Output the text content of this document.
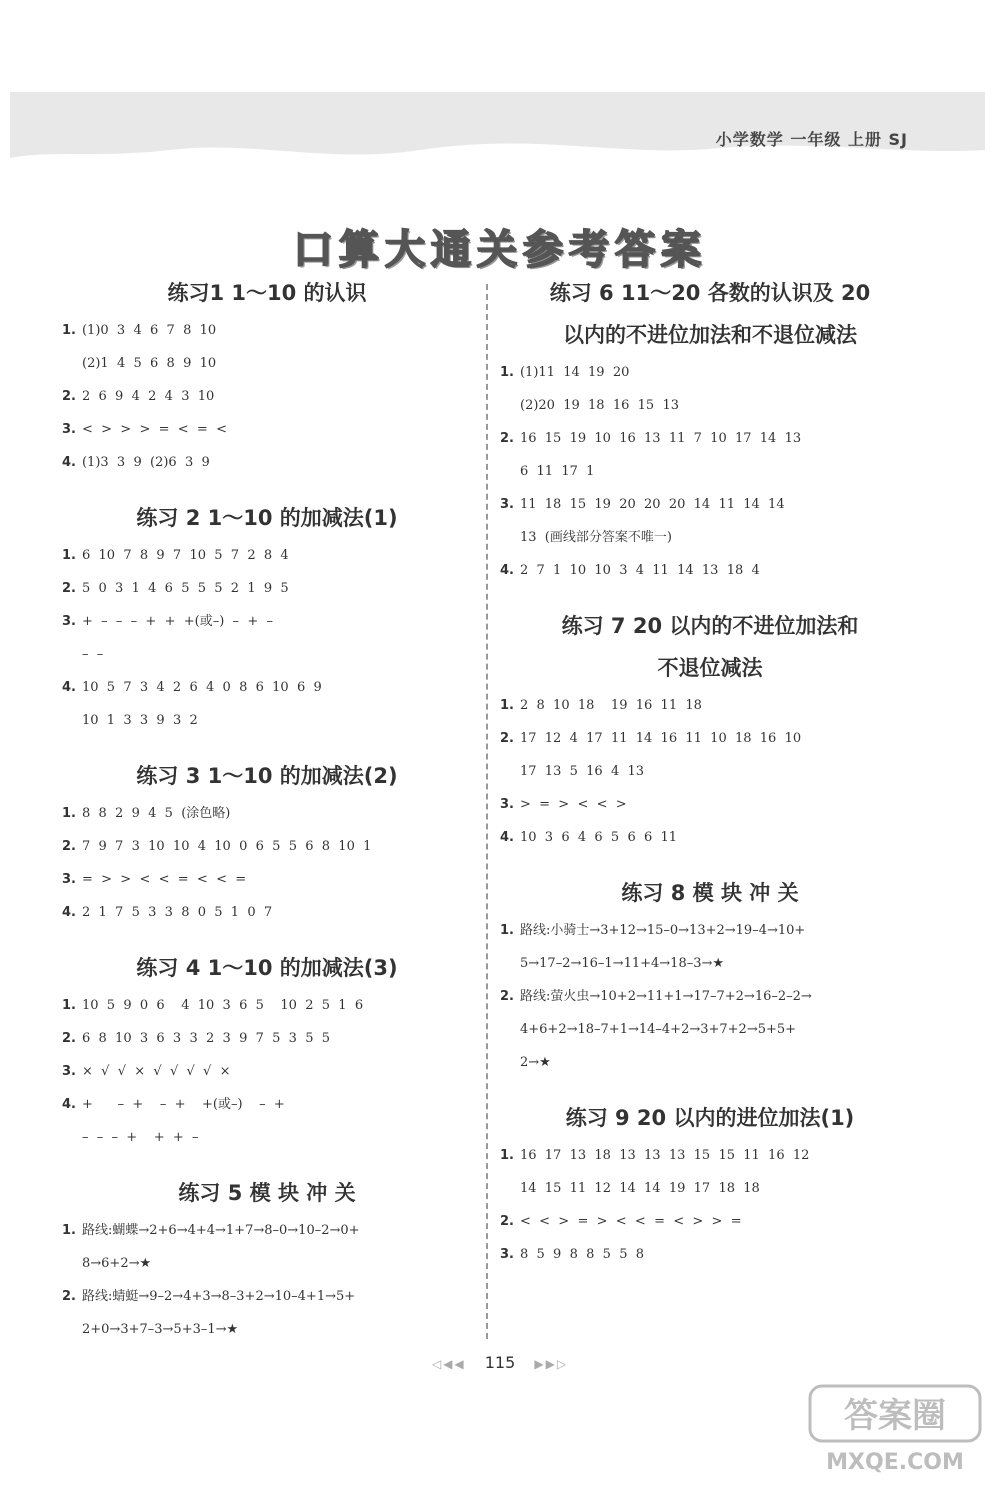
小学数学 一年级 上册 SJ
口算大通关参考答案
练习1 1～10 的认识
1. (1)0  3  4  6  7  8  10
(2)1  4  5  6  8  9  10
2. 2  6  9  4  2  4  3  10
3. <  >  >  >  =  <  =  <
4. (1)3  3  9  (2)6  3  9
练习 2 1～10 的加减法(1)
1. 6  10  7  8  9  7  10  5  7  2  8  4
2. 5  0  3  1  4  6  5  5  5  2  1  9  5
3. +  –  –  –  +  +  +(或–)  –  +  –
–  –
4. 10  5  7  3  4  2  6  4  0  8  6  10  6  9
10  1  3  3  9  3  2
练习 3 1～10 的加减法(2)
1. 8  8  2  9  4  5  (涂色略)
2. 7  9  7  3  10  10  4  10  0  6  5  5  6  8  10  1
3. =  >  >  <  <  =  <  <  =
4. 2  1  7  5  3  3  8  0  5  1  0  7
练习 4 1～10 的加减法(3)
1. 10  5  9  0  6    4  10  3  6  5    10  2  5  1  6
2. 6  8  10  3  6  3  3  2  3  9  7  5  3  5  5
3. ×  √  √  ×  √  √  √  √  ×
4. +      –  +    –  +    +(或–)    –  +
–  –  –  +    +  +  –
练习 5 模 块 冲 关
1. 路线:蝴蝶→2+6→4+4→1+7→8–0→10–2→0+
8→6+2→★
2. 路线:蜻蜓→9–2→4+3→8–3+2→10–4+1→5+
2+0→3+7–3→5+3–1→★
练习 6 11～20 各数的认识及 20
以内的不进位加法和不退位减法
1. (1)11  14  19  20
(2)20  19  18  16  15  13
2. 16  15  19  10  16  13  11  7  10  17  14  13
6  11  17  1
3. 11  18  15  19  20  20  20  14  11  14  14
13  (画线部分答案不唯一)
4. 2  7  1  10  10  3  4  11  14  13  18  4
练习 7 20 以内的不进位加法和
不退位减法
1. 2  8  10  18    19  16  11  18
2. 17  12  4  17  11  14  16  11  10  18  16  10
17  13  5  16  4  13
3. >  =  >  <  <  >
4. 10  3  6  4  6  5  6  6  11
练习 8 模 块 冲 关
1. 路线:小骑士→3+12→15–0→13+2→19–4→10+
5→17–2→16–1→11+4→18–3→★
2. 路线:萤火虫→10+2→11+1→17–7+2→16–2–2→
4+6+2→18–7+1→14–4+2→3+7+2→5+5+
2→★
练习 9 20 以内的进位加法(1)
1. 16  17  13  18  13  13  13  15  15  11  16  12
14  15  11  12  14  14  19  17  18  18
2. <  <  >  =  >  <  <  =  <  >  >  =
3. 8  5  9  8  8  5  5  8
◁◀◀ 115 ▶▶▷
答案圈
MXQE.COM
